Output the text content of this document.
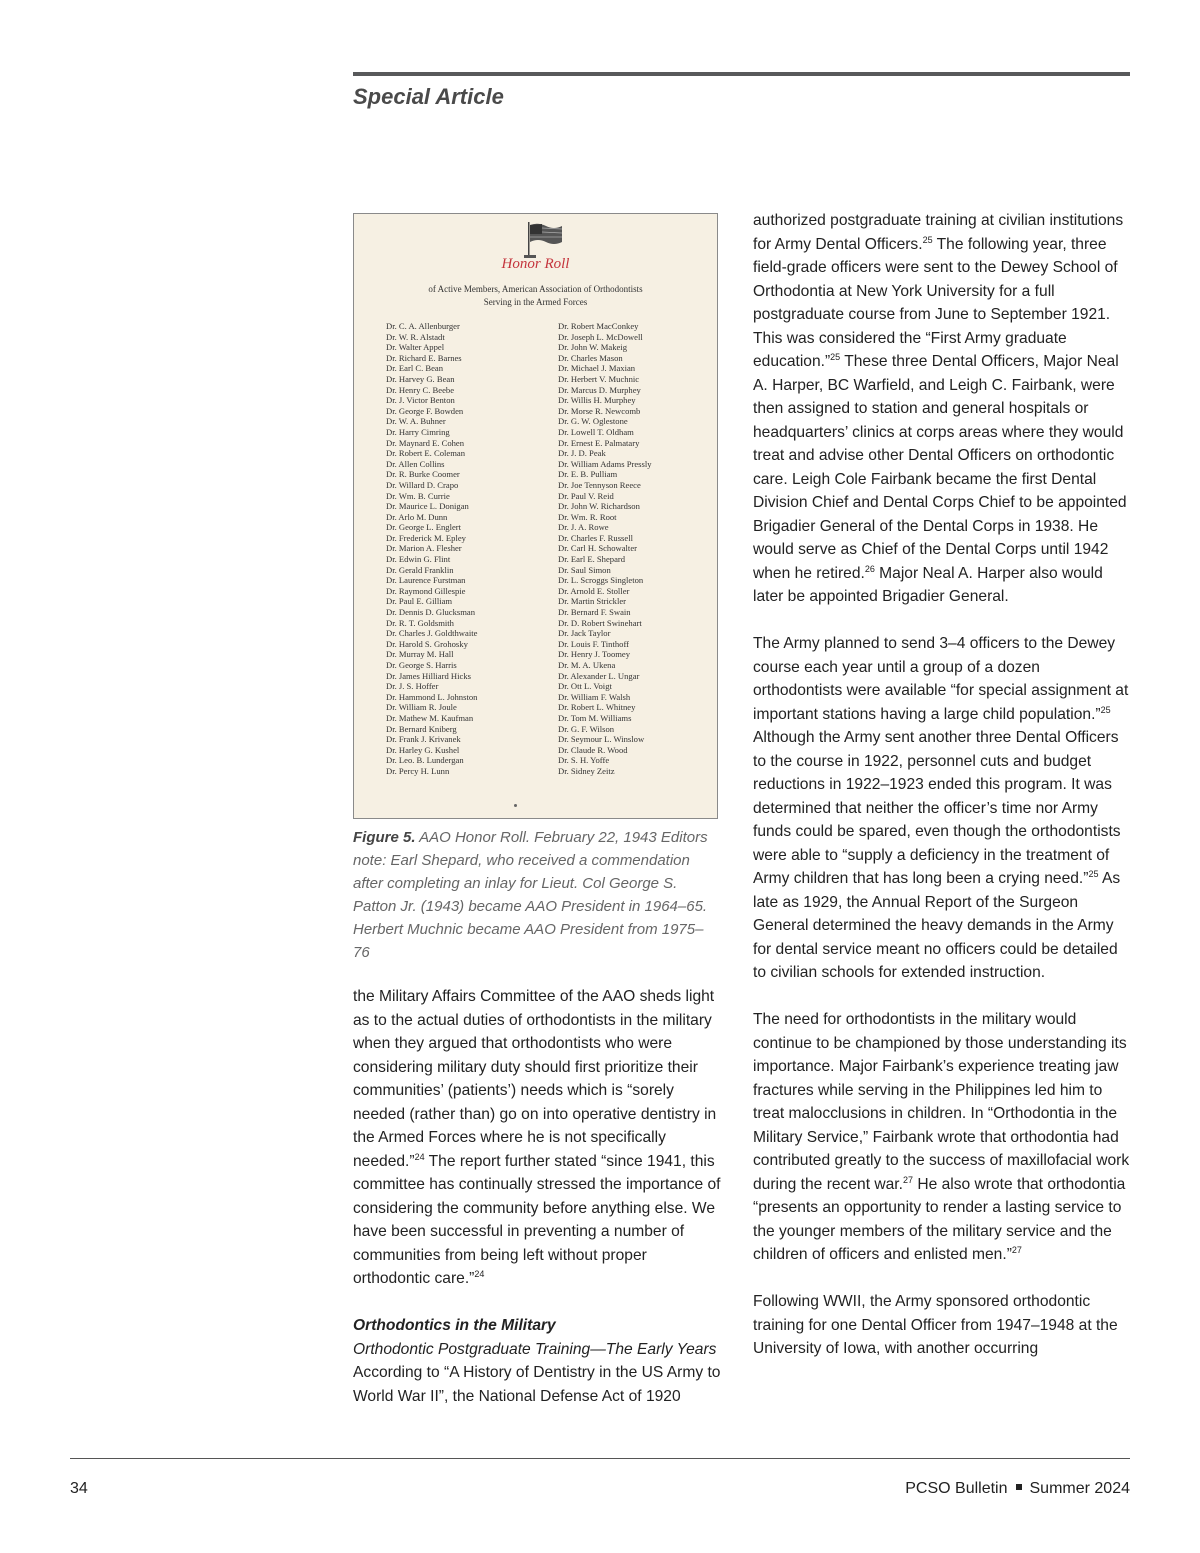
Special Article
Honor Roll
of Active Members, American Association of Orthodontists
Serving in the Armed Forces
Dr. C. A. Allenburger
Dr. W. R. Alstadt
Dr. Walter Appel
Dr. Richard E. Barnes
Dr. Earl C. Bean
Dr. Harvey G. Bean
Dr. Henry C. Beebe
Dr. J. Victor Benton
Dr. George F. Bowden
Dr. W. A. Buhner
Dr. Harry Cimring
Dr. Maynard E. Cohen
Dr. Robert E. Coleman
Dr. Allen Collins
Dr. R. Burke Coomer
Dr. Willard D. Crapo
Dr. Wm. B. Currie
Dr. Maurice L. Donigan
Dr. Arlo M. Dunn
Dr. George L. Englert
Dr. Frederick M. Epley
Dr. Marion A. Flesher
Dr. Edwin G. Flint
Dr. Gerald Franklin
Dr. Laurence Furstman
Dr. Raymond Gillespie
Dr. Paul E. Gilliam
Dr. Dennis D. Glucksman
Dr. R. T. Goldsmith
Dr. Charles J. Goldthwaite
Dr. Harold S. Grohosky
Dr. Murray M. Hall
Dr. George S. Harris
Dr. James Hilliard Hicks
Dr. J. S. Hoffer
Dr. Hammond L. Johnston
Dr. William R. Joule
Dr. Mathew M. Kaufman
Dr. Bernard Kniberg
Dr. Frank J. Krivanek
Dr. Harley G. Kushel
Dr. Leo. B. Lundergan
Dr. Percy H. Lunn
Dr. Robert MacConkey
Dr. Joseph L. McDowell
Dr. John W. Makeig
Dr. Charles Mason
Dr. Michael J. Maxian
Dr. Herbert V. Muchnic
Dr. Marcus D. Murphey
Dr. Willis H. Murphey
Dr. Morse R. Newcomb
Dr. G. W. Oglestone
Dr. Lowell T. Oldham
Dr. Ernest E. Palmatary
Dr. J. D. Peak
Dr. William Adams Pressly
Dr. E. B. Pulliam
Dr. Joe Tennyson Reece
Dr. Paul V. Reid
Dr. John W. Richardson
Dr. Wm. R. Root
Dr. J. A. Rowe
Dr. Charles F. Russell
Dr. Carl H. Schowalter
Dr. Earl E. Shepard
Dr. Saul Simon
Dr. L. Scroggs Singleton
Dr. Arnold E. Stoller
Dr. Martin Strickler
Dr. Bernard F. Swain
Dr. D. Robert Swinehart
Dr. Jack Taylor
Dr. Louis F. Tinthoff
Dr. Henry J. Toomey
Dr. M. A. Ukena
Dr. Alexander L. Ungar
Dr. Ott L. Voigt
Dr. William F. Walsh
Dr. Robert L. Whitney
Dr. Tom M. Williams
Dr. G. F. Wilson
Dr. Seymour L. Winslow
Dr. Claude R. Wood
Dr. S. H. Yoffe
Dr. Sidney Zeitz
Figure 5. AAO Honor Roll. February 22, 1943 Editors note: Earl Shepard, who received a commendation after completing an inlay for Lieut. Col George S. Patton Jr. (1943) became AAO President in 1964–65. Herbert Muchnic became AAO President from 1975–76

the Military Affairs Committee of the AAO sheds light as to the actual duties of orthodontists in the military when they argued that orthodontists who were considering military duty should first prioritize their communities’ (patients’) needs which is “sorely needed (rather than) go on into operative dentistry in the Armed Forces where he is not specifically needed.”$^{24}$ The report further stated “since 1941, this committee has continually stressed the importance of considering the community before anything else. We have been successful in preventing a number of communities from being left without proper orthodontic care.”$^{24}$

Orthodontics in the Military
Orthodontic Postgraduate Training—The Early Years
According to “A History of Dentistry in the US Army to World War II”, the National Defense Act of 1920

authorized postgraduate training at civilian institutions for Army Dental Officers.$^{25}$ The following year, three field-grade officers were sent to the Dewey School of Orthodontia at New York University for a full postgraduate course from June to September 1921. This was considered the “First Army graduate education.”$^{25}$ These three Dental Officers, Major Neal A. Harper, BC Warfield, and Leigh C. Fairbank, were then assigned to station and general hospitals or headquarters’ clinics at corps areas where they would treat and advise other Dental Officers on orthodontic care. Leigh Cole Fairbank became the first Dental Division Chief and Dental Corps Chief to be appointed Brigadier General of the Dental Corps in 1938. He would serve as Chief of the Dental Corps until 1942 when he retired.$^{26}$ Major Neal A. Harper also would later be appointed Brigadier General.

The Army planned to send 3–4 officers to the Dewey course each year until a group of a dozen orthodontists were available “for special assignment at important stations having a large child population.”$^{25}$ Although the Army sent another three Dental Officers to the course in 1922, personnel cuts and budget reductions in 1922–1923 ended this program. It was determined that neither the officer’s time nor Army funds could be spared, even though the orthodontists were able to “supply a deficiency in the treatment of Army children that has long been a crying need.”$^{25}$ As late as 1929, the Annual Report of the Surgeon General determined the heavy demands in the Army for dental service meant no officers could be detailed to civilian schools for extended instruction.

The need for orthodontists in the military would continue to be championed by those understanding its importance. Major Fairbank’s experience treating jaw fractures while serving in the Philippines led him to treat malocclusions in children. In “Orthodontia in the Military Service,” Fairbank wrote that orthodontia had contributed greatly to the success of maxillofacial work during the recent war.$^{27}$ He also wrote that orthodontia “presents an opportunity to render a lasting service to the younger members of the military service and the children of officers and enlisted men.”$^{27}$

Following WWII, the Army sponsored orthodontic training for one Dental Officer from 1947–1948 at the University of Iowa, with another occurring

34	PCSO Bulletin Summer 2024
